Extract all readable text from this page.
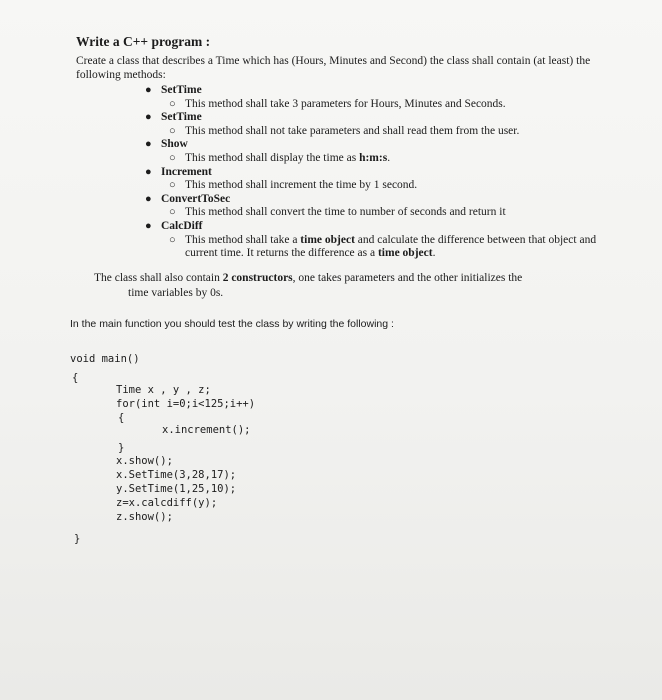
Write a C++ program :
Create a class that describes a Time which has (Hours, Minutes and Second) the class shall contain (at least) the following methods:
● SetTime
○ This method shall take 3 parameters for Hours, Minutes and Seconds.
● SetTime
○ This method shall not take parameters and shall read them from the user.
● Show
○ This method shall display the time as h:m:s.
● Increment
○ This method shall increment the time by 1 second.
● ConvertToSec
○ This method shall convert the time to number of seconds and return it
● CalcDiff
○ This method shall take a time object and calculate the difference between that object and current time. It returns the difference as a time object.
The class shall also contain 2 constructors, one takes parameters and the other initializes the
time variables by 0s.
In the main function you should test the class by writing the following :
void main()
{
Time x , y , z;
for(int i=0;i<125;i++)
{
x.increment();
}
x.show();
x.SetTime(3,28,17);
y.SetTime(1,25,10);
z=x.calcdiff(y);
z.show();
}
